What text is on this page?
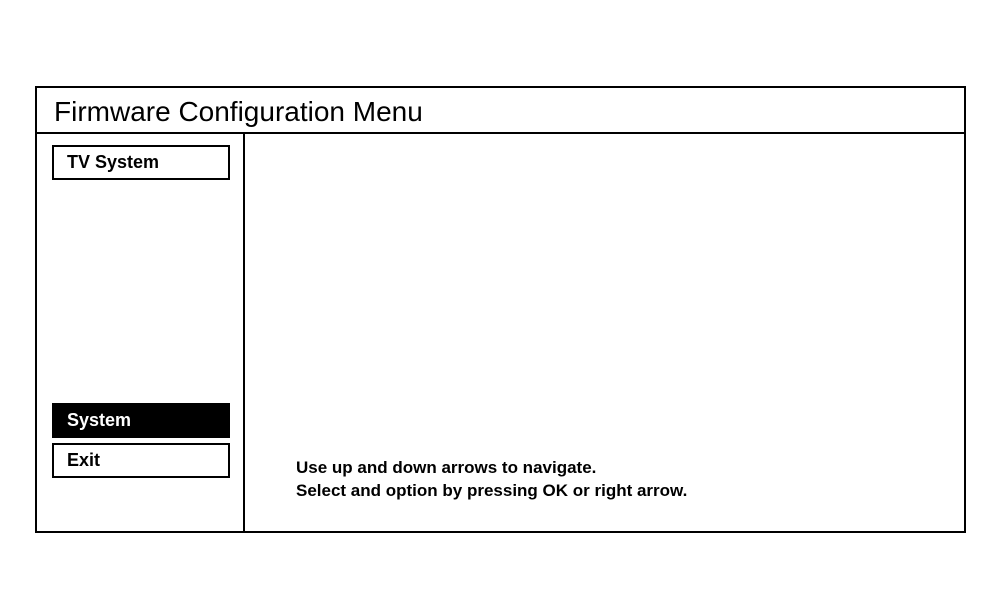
Firmware Configuration Menu
TV System
System
Exit	Use up and down arrows to navigate.
Select and option by pressing OK or right arrow.
